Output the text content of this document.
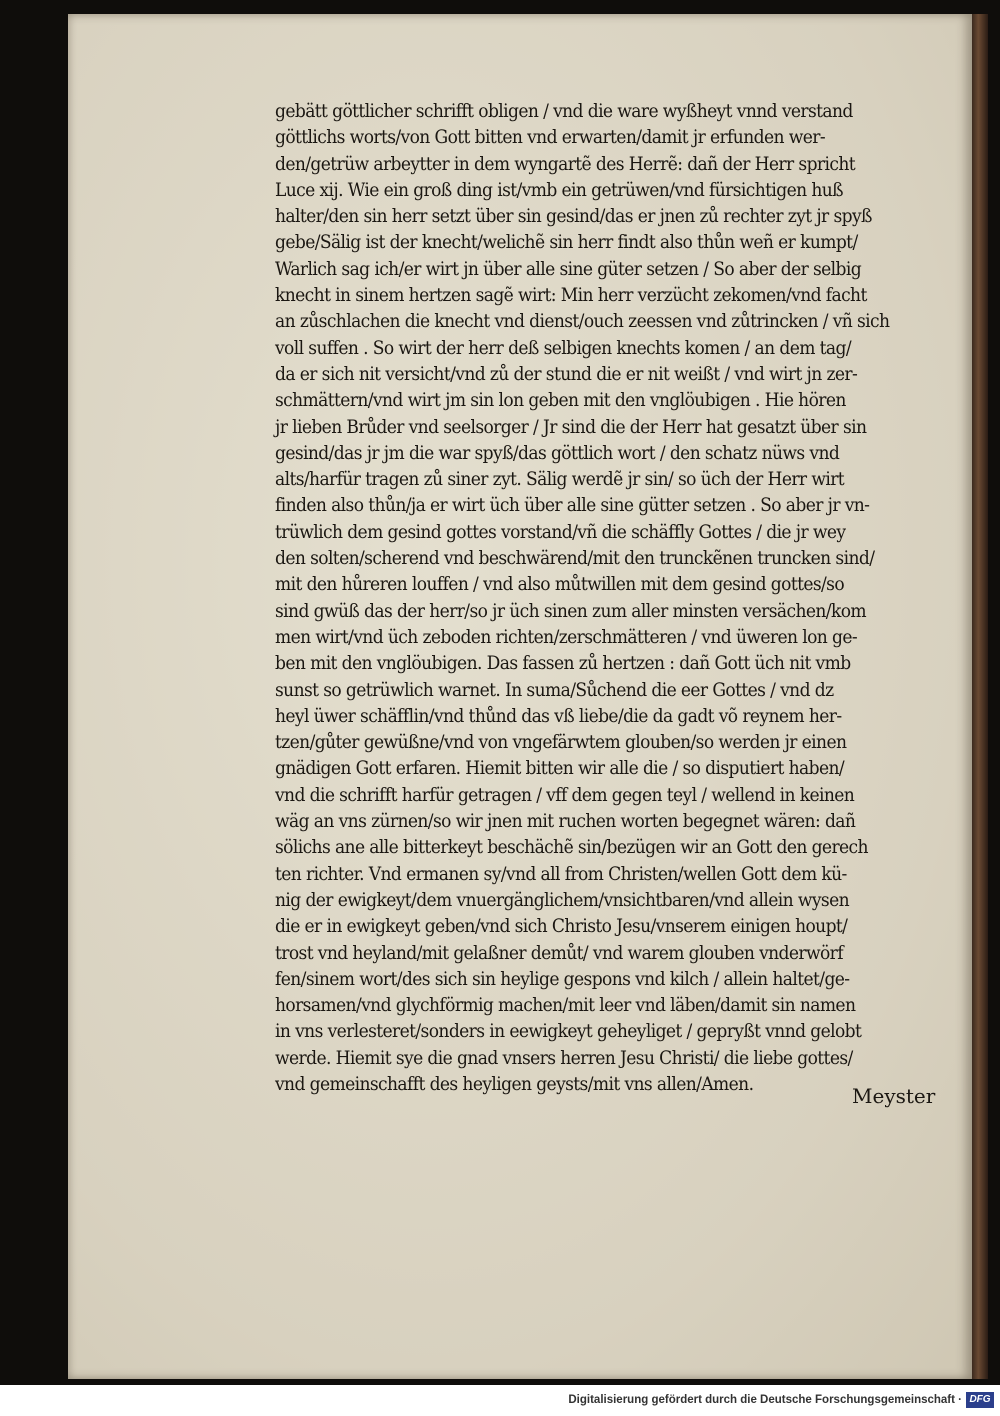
gebätt göttlicher schrifft obligen / vnd die ware wyßheyt vnnd verstand
göttlichs worts/von Gott bitten vnd erwarten/damit jr erfunden wer-
den/getrüw arbeytter in dem wyngartẽ des Herrẽ: dañ der Herr spricht
Luce xij. Wie ein groß ding ist/vmb ein getrüwen/vnd fürsichtigen huß
halter/den sin herr setzt über sin gesind/das er jnen zů rechter zyt jr spyß
gebe/Sälig ist der knecht/welichẽ sin herr findt also thůn weñ er kumpt/
Warlich sag ich/er wirt jn über alle sine güter setzen / So aber der selbig
knecht in sinem hertzen sagẽ wirt: Min herr verzücht zekomen/vnd facht
an zůschlachen die knecht vnd dienst/ouch zeessen vnd zůtrincken / vñ sich
voll suffen . So wirt der herr deß selbigen knechts komen / an dem tag/
da er sich nit versicht/vnd zů der stund die er nit weißt / vnd wirt jn zer-
schmättern/vnd wirt jm sin lon geben mit den vnglöubigen . Hie hören
jr lieben Brůder vnd seelsorger / Jr sind die der Herr hat gesatzt über sin
gesind/das jr jm die war spyß/das göttlich wort / den schatz nüws vnd
alts/harfür tragen zů siner zyt. Sälig werdẽ jr sin/ so üch der Herr wirt
finden also thůn/ja er wirt üch über alle sine gütter setzen . So aber jr vn-
trüwlich dem gesind gottes vorstand/vñ die schäffly Gottes / die jr wey
den solten/scherend vnd beschwärend/mit den trunckẽnen truncken sind/
mit den hůreren louffen / vnd also můtwillen mit dem gesind gottes/so
sind gwüß das der herr/so jr üch sinen zum aller minsten versächen/kom
men wirt/vnd üch zeboden richten/zerschmätteren / vnd üweren lon ge-
ben mit den vnglöubigen. Das fassen zů hertzen : dañ Gott üch nit vmb
sunst so getrüwlich warnet. In suma/Sůchend die eer Gottes / vnd dz
heyl üwer schäfflin/vnd thůnd das vß liebe/die da gadt võ reynem her-
tzen/gůter gewüßne/vnd von vngefärwtem glouben/so werden jr einen
gnädigen Gott erfaren. Hiemit bitten wir alle die / so disputiert haben/
vnd die schrifft harfür getragen / vff dem gegen teyl / wellend in keinen
wäg an vns zürnen/so wir jnen mit ruchen worten begegnet wären: dañ
sölichs ane alle bitterkeyt beschächẽ sin/bezügen wir an Gott den gerech
ten richter. Vnd ermanen sy/vnd all from Christen/wellen Gott dem kü-
nig der ewigkeyt/dem vnuergänglichem/vnsichtbaren/vnd allein wysen
die er in ewigkeyt geben/vnd sich Christo Jesu/vnserem einigen houpt/
trost vnd heyland/mit gelaßner demůt/ vnd warem glouben vnderwörf
fen/sinem wort/des sich sin heylige gespons vnd kilch / allein haltet/ge-
horsamen/vnd glychförmig machen/mit leer vnd läben/damit sin namen
in vns verlesteret/sonders in eewigkeyt geheyliget / gepryßt vnnd gelobt
werde. Hiemit sye die gnad vnsers herren Jesu Christi/ die liebe gottes/
vnd gemeinschafft des heyligen geysts/mit vns allen/Amen.
Meyster
Digitalisierung gefördert durch die Deutsche Forschungsgemeinschaft · DFG
